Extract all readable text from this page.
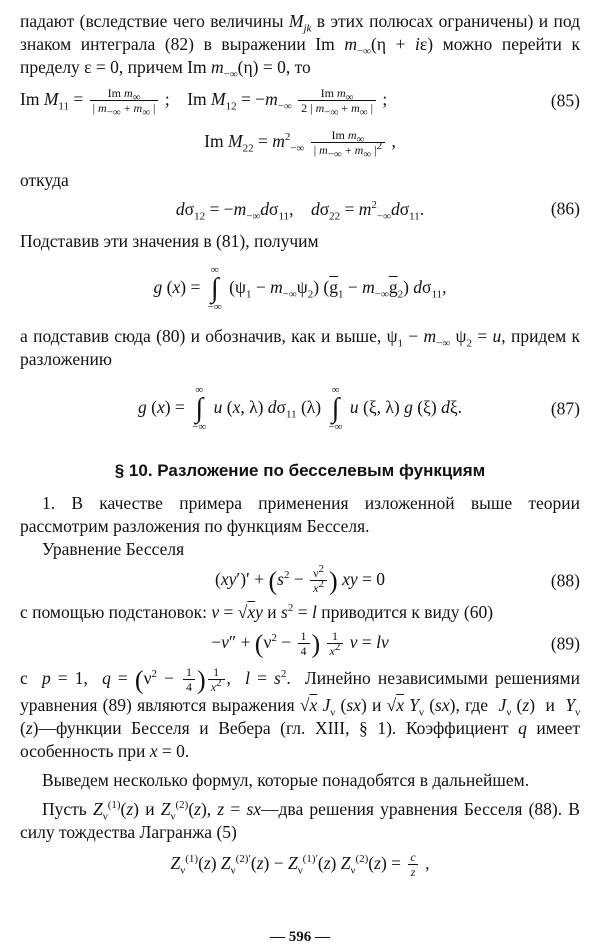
падают (вследствие чего величины $M_{jk}$ в этих полюсах ограничены) и под знаком интеграла (82) в выражении Im $m_{-\infty}(\eta + i\varepsilon)$ можно перейти к пределу ε = 0, причем Im $m_{-\infty}(\eta) = 0$, то

Im $M_{11} = \frac{Im m_\infty}{| m_{-\infty} + m_\infty |}$ ;    Im $M_{12} = -m_{-\infty} \frac{Im m_\infty}{2 | m_{-\infty} + m_\infty |}$ ;	(85)
Im $M_{22} = m^2_{-\infty} \frac{Im m_\infty}{| m_{-\infty} + m_\infty |^2}$ ,

откуда

$d\sigma_{12} = -m_{-\infty}d\sigma_{11}$,    $d\sigma_{22} = m^2_{-\infty}d\sigma_{11}$.	(86)

Подставив эти значения в (81), получим

g (x) =
∞
∫
−∞
$(\psi_1 - m_{-\infty}\psi_2) (\overline{g}_1 - m_{-\infty}\overline{g}_2)$ $d\sigma_{11}$,

а подставив сюда (80) и обозначив, как и выше, $\psi_1 - m_{-\infty}$ $\psi_2 = u$, придем к разложению

g (x) =
∞
∫
−∞
u (x, λ) $d\sigma_{11}$ (λ)
∞
∫
−∞
u (ξ, λ) g (ξ) dξ.	(87)
§ 10. Разложение по бесселевым функциям

1. В качестве примера применения изложенной выше теории рассмотрим разложения по функциям Бесселя.

Уравнение Бесселя

$(xy')' + (s^2 - \frac{\nu^2}{x^2}$ ) xy = 0	(88)

с помощью подстановок: v = √xy и $s^2 = l$ приводится к виду (60)

$-v'' + (\nu^2 - \frac{1}{4}$ ) $\frac{1}{x^2}$ v = lv	(89)

с  p = 1,  $q = (\nu^2 - \frac{1}{4}$ ) $\frac{1}{x^2}$ ,  $l = s^2$.  Линейно независимыми решениями уравнения (89) являются выражения √x $J_\nu$ (sx) и √x $Y_\nu$ (sx), где  $J_\nu$ (z)  и  $Y_\nu$ (z)—функции Бесселя и Вебера (гл. XIII, § 1). Коэффициент q имеет особенность при x = 0.

Выведем несколько формул, которые понадобятся в дальнейшем.

Пусть $Z_\nu^{(1)}(z)$ и $Z_\nu^{(2)}(z)$, z = sx—два решения уравнения Бесселя (88). В силу тождества Лагранжа (5)

$Z_\nu^{(1)}(z) Z_\nu^{(2)'}(z) - Z_\nu^{(1)'}(z) Z_\nu^{(2)}(z) = \frac{c}{z}$ ,
— 596 —
